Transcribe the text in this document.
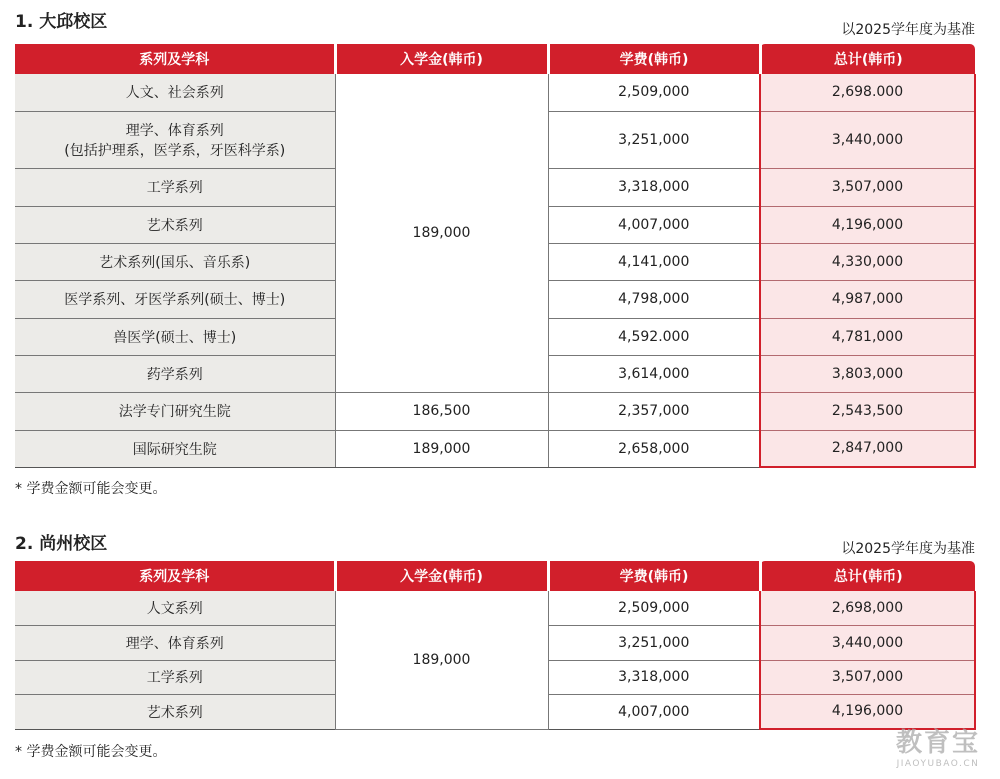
1. 大邱校区	以2025学年度为基准
系列及学科	入学金(韩币)	学费(韩币)	总计(韩币)
人文、社会系列	189,000	2,509,000	2,698.000

理学、体育系列
(包括护理系，医学系，牙医科学系)		3,251,000	3,440,000
工学系列		3,318,000	3,507,000
艺术系列		4,007,000	4,196,000
艺术系列(国乐、音乐系)		4,141,000	4,330,000
医学系列、牙医学系列(硕士、博士)		4,798,000	4,987,000
兽医学(硕士、博士)		4,592.000	4,781,000
药学系列		3,614,000	3,803,000
法学专门研究生院	186,500	2,357,000	2,543,500
国际研究生院	189,000	2,658,000	2,847,000
* 学费金额可能会变更。
2. 尚州校区	以2025学年度为基准
系列及学科	入学金(韩币)	学费(韩币)	总计(韩币)
人文系列	189,000	2,509,000	2,698,000
理学、体育系列		3,251,000	3,440,000
工学系列		3,318,000	3,507,000
艺术系列		4,007,000	4,196,000
* 学费金额可能会变更。	教育宝
JIAOYUBAO.CN
